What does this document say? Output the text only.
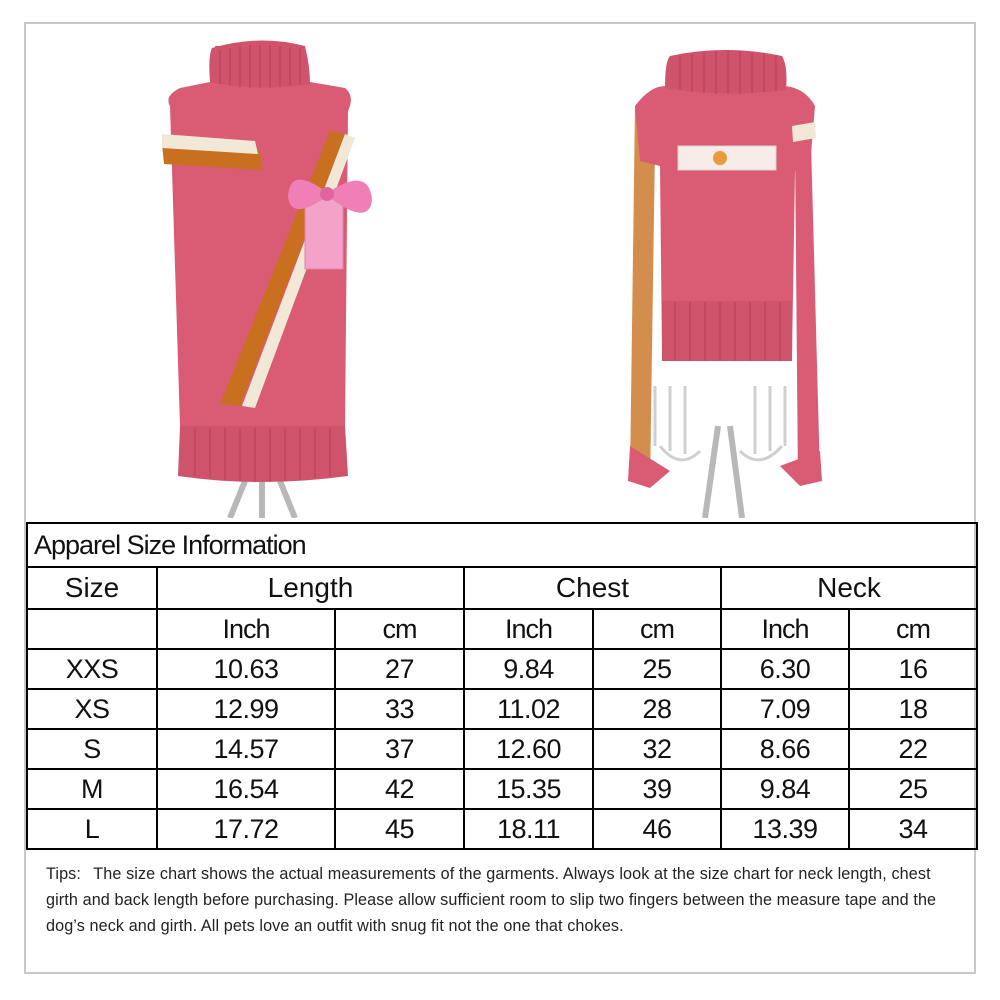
Apparel Size Information						
Size	Length		Chest		Neck	
	Inch	cm	Inch	cm	Inch	cm
XXS	10.63	27	9.84	25	6.30	16
XS	12.99	33	11.02	28	7.09	18
S	14.57	37	12.60	32	8.66	22
M	16.54	42	15.35	39	9.84	25
L	17.72	45	18.11	46	13.39	34
Tips: The size chart shows the actual measurements of the garments. Always look at the size chart for neck length, chest girth and back length before purchasing. Please allow sufficient room to slip two fingers between the measure tape and the dog’s neck and girth. All pets love an outfit with snug fit not the one that chokes.
